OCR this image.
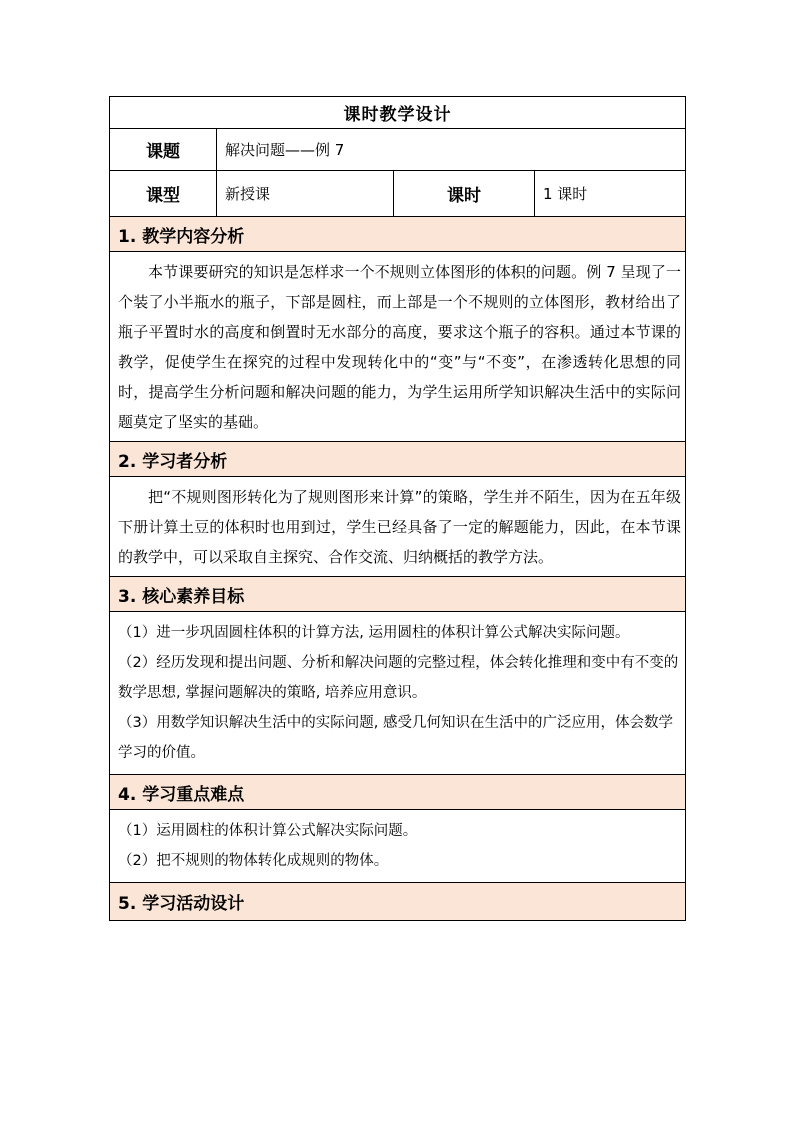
课时教学设计			
课题	解决问题——例 7		
课型	新授课	课时	1 课时
1. 教学内容分析			

本节课要研究的知识是怎样求一个不规则立体图形的体积的问题。例 7 呈现了一个装了小半瓶水的瓶子，下部是圆柱，而上部是一个不规则的立体图形，教材给出了瓶子平置时水的高度和倒置时无水部分的高度，要求这个瓶子的容积。通过本节课的教学，促使学生在探究的过程中发现转化中的“变”与“不变”，在渗透转化思想的同时，提高学生分析问题和解决问题的能力，为学生运用所学知识解决生活中的实际问题莫定了坚实的基础。			

2. 学习者分析			

把“不规则图形转化为了规则图形来计算”的策略，学生并不陌生，因为在五年级下册计算土豆的体积时也用到过，学生已经具备了一定的解题能力，因此，在本节课的教学中，可以采取自主探究、合作交流、归纳概括的教学方法。			

3. 核心素养目标			

（1）进一步巩固圆柱体积的计算方法, 运用圆柱的体积计算公式解决实际问题。

（2）经历发现和提出问题、分析和解决问题的完整过程，体会转化推理和变中有不变的数学思想, 掌握问题解决的策略, 培养应用意识。

（3）用数学知识解决生活中的实际问题, 感受几何知识在生活中的广泛应用，体会数学学习的价值。			

4. 学习重点难点			

（1）运用圆柱的体积计算公式解决实际问题。

（2）把不规则的物体转化成规则的物体。			

5. 学习活动设计			
